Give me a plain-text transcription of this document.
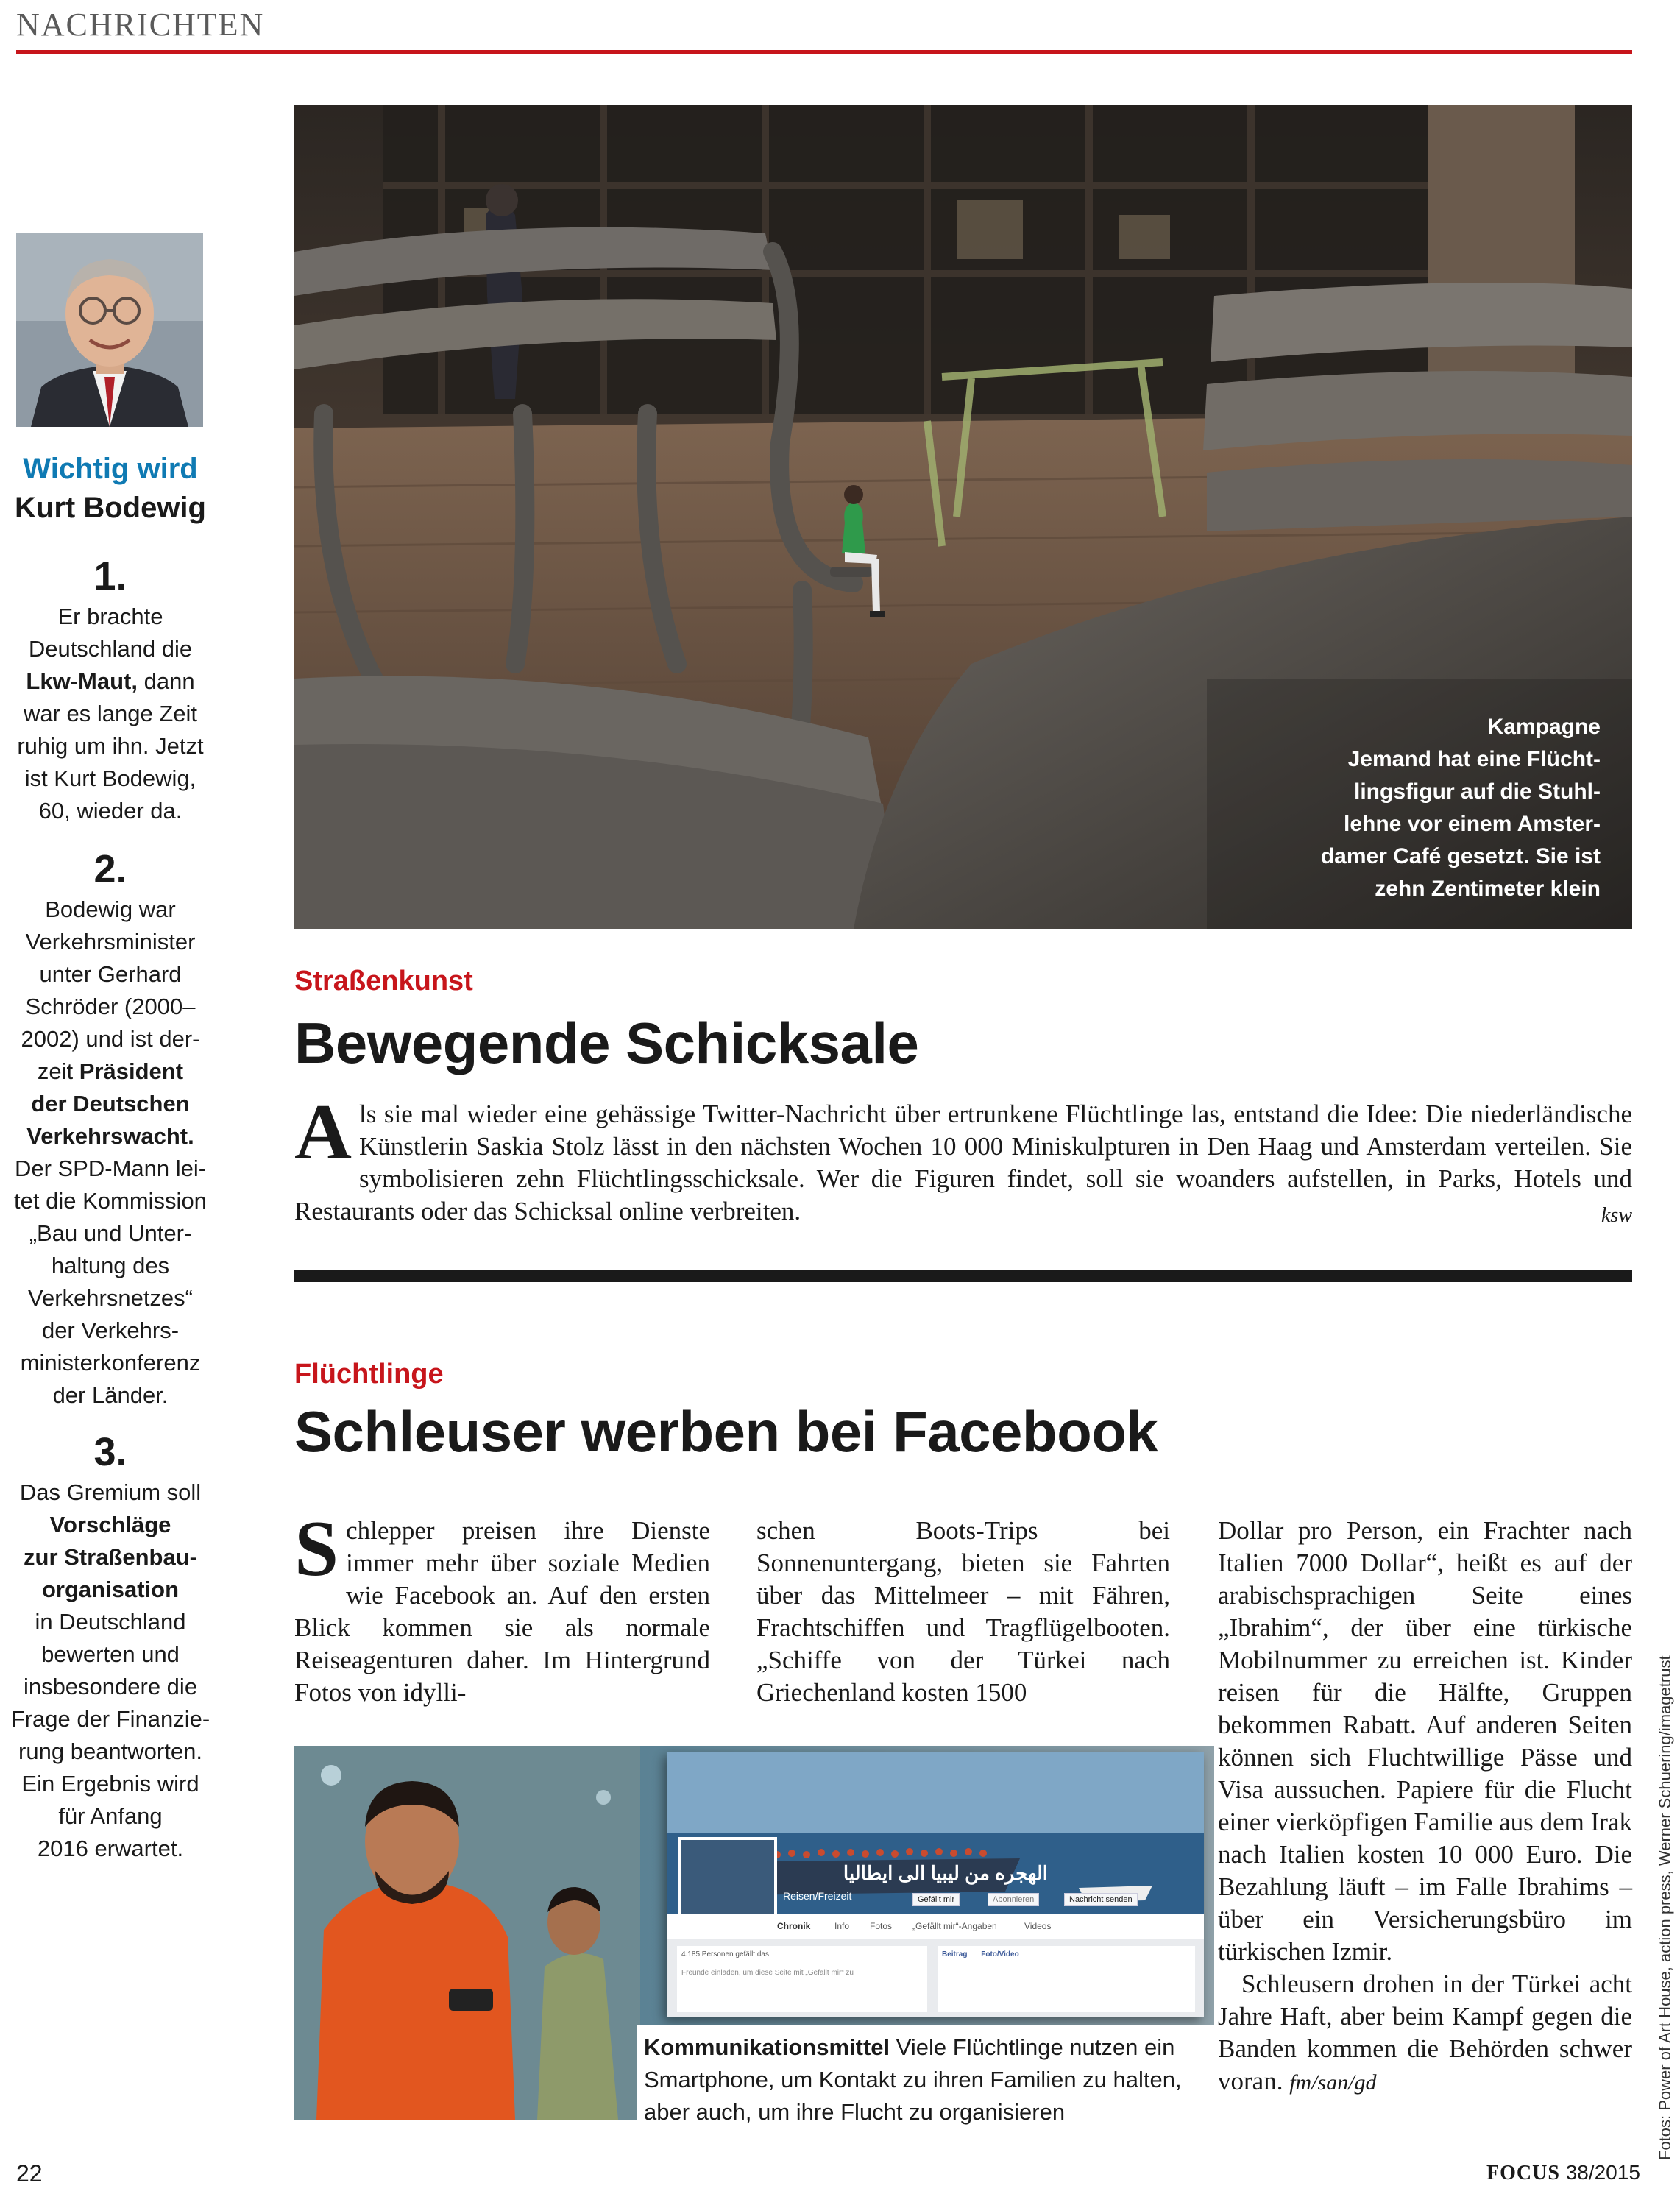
NACHRICHTEN
Wichtig wird
Kurt Bodewig
1.
Er brachte
Deutschland die
Lkw-Maut, dann
war es lange Zeit
ruhig um ihn. Jetzt
ist Kurt Bodewig,
60, wieder da.
2.
Bodewig war
Verkehrsminister
unter Gerhard
Schröder (2000–
2002) und ist der-
zeit Präsident
der Deutschen
Verkehrswacht.
Der SPD-Mann lei-
tet die Kommission
„Bau und Unter-
haltung des
Verkehrsnetzes“
der Verkehrs-
ministerkonferenz
der Länder.
3.
Das Gremium soll
Vorschläge
zur Straßenbau-
organisation
in Deutschland
bewerten und
insbesondere die
Frage der Finanzie-
rung beantworten.
Ein Ergebnis wird
für Anfang
2016 erwartet.
Kampagne
Jemand hat eine Flücht-
lingsfigur auf die Stuhl-
lehne vor einem Amster-
damer Café gesetzt. Sie ist
zehn Zentimeter klein
Straßenkunst
Bewegende Schicksale
Als sie mal wieder eine gehässige Twitter-Nachricht über ertrunkene Flüchtlinge las, entstand die Idee: Die niederländische Künstlerin Saskia Stolz lässt in den nächsten Wochen 10 000 Miniskulpturen in Den Haag und Amsterdam verteilen. Sie symbolisieren zehn Flüchtlingsschicksale. Wer die Figuren findet, soll sie woanders aufstellen, in Parks, Hotels und Restaurants oder das Schicksal online verbreiten.	ksw
Flüchtlinge
Schleuser werben bei Facebook
Schlepper preisen ihre Dienste immer mehr über soziale Medien wie Facebook an. Auf den ersten Blick kommen sie als normale Reiseagenturen daher. Im Hintergrund Fotos von idylli-
schen Boots-Trips bei Sonnenuntergang, bieten sie Fahrten über das Mittelmeer – mit Fähren, Frachtschiffen und Tragflügelbooten. „Schiffe von der Türkei nach Griechenland kosten 1500
Dollar pro Person, ein Frachter nach Italien 7000 Dollar“, heißt es auf der arabischsprachigen Seite eines „Ibrahim“, der über eine türkische Mobilnummer zu erreichen ist. Kinder reisen für die Hälfte, Gruppen bekommen Rabatt. Auf anderen Seiten können sich Fluchtwillige Pässe und Visa aussuchen. Papiere für die Flucht einer vierköpfigen Familie aus dem Irak nach Italien kosten 10 000 Euro. Die Bezahlung läuft – im Falle Ibrahims – über ein Versicherungsbüro im türkischen Izmir.
Schleusern drohen in der Türkei acht Jahre Haft, aber beim Kampf gegen die Banden kommen die Behörden schwer voran. fm/san/gd
الهجره من ليبيا الى ايطاليا
Reisen/Freizeit	Gefällt mir	Abonnieren	Nachricht senden
Chronik	Info Fotos „Gefällt mir“-Angaben	Videos
4.185 Personen gefällt das
Freunde einladen, um diese Seite mit „Gefällt mir“ zu
Beitrag Foto/Video
Kommunikationsmittel Viele Flüchtlinge nutzen ein Smartphone, um Kontakt zu ihren Familien zu halten, aber auch, um ihre Flucht zu organisieren	Fotos: Power of Art House, action press, Werner Schuering/imagetrust
22	FOCUS 38/2015
